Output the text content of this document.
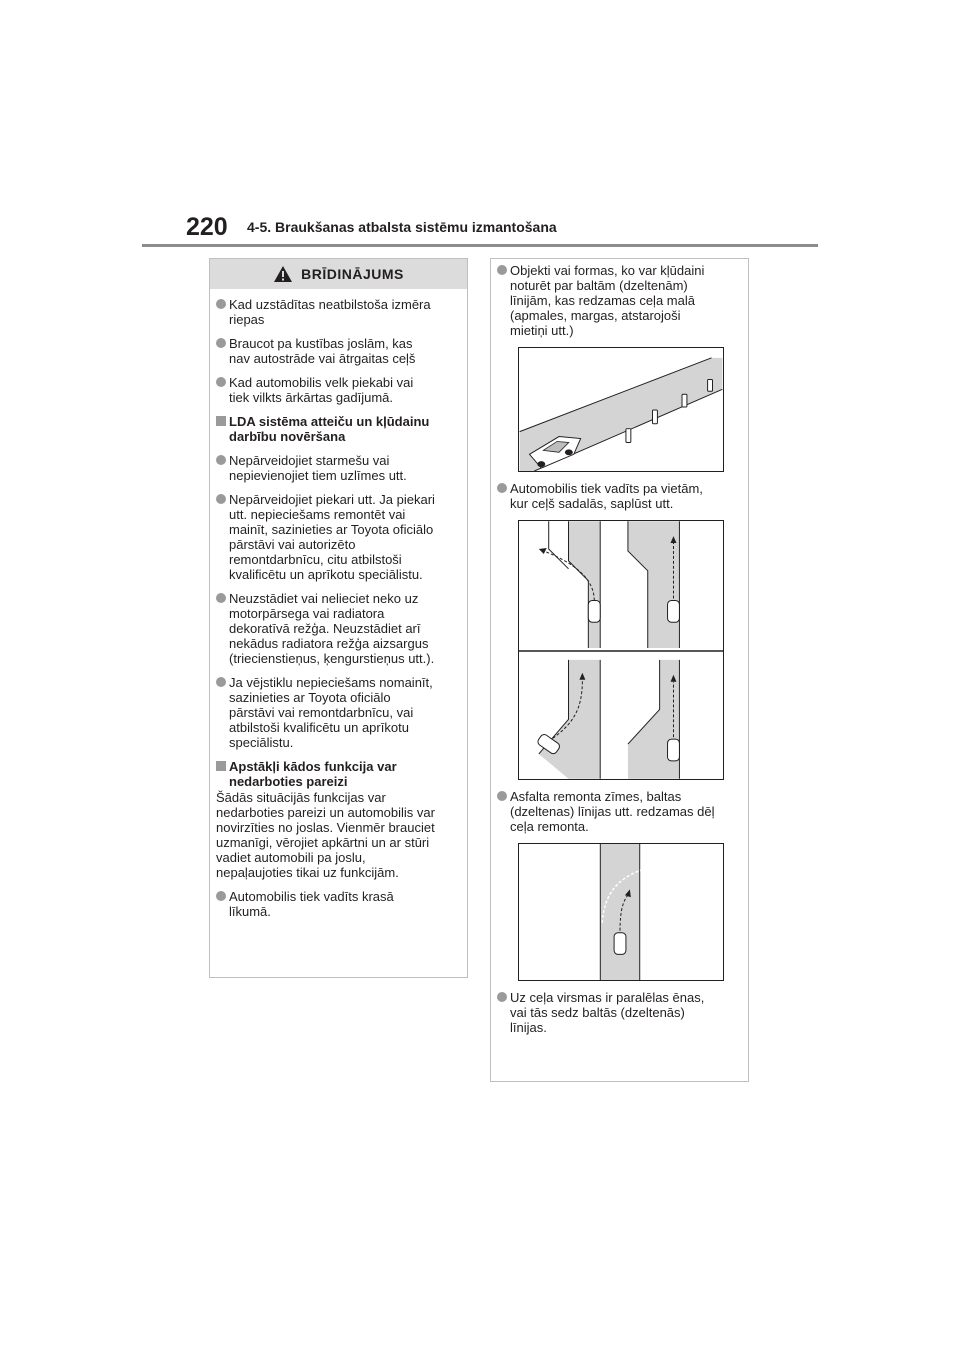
220 4-5. Braukšanas atbalsta sistēmu izmantošana
BRĪDINĀJUMS
Kad uzstādītas neatbilstoša izmēra
riepas
Braucot pa kustības joslām, kas
nav autostrāde vai ātrgaitas ceļš
Kad automobilis velk piekabi vai
tiek vilkts ārkārtas gadījumā.
LDA sistēma atteiču un kļūdainu
darbību novēršana
Nepārveidojiet starmešu vai
nepievienojiet tiem uzlīmes utt.
Nepārveidojiet piekari utt. Ja piekari
utt. nepieciešams remontēt vai
mainīt, sazinieties ar Toyota oficiālo
pārstāvi vai autorizēto
remontdarbnīcu, citu atbilstoši
kvalificētu un aprīkotu speciālistu.
Neuzstādiet vai nelieciet neko uz
motorpārsega vai radiatora
dekoratīvā režģa. Neuzstādiet arī
nekādus radiatora režģa aizsargus
(triecienstieņus, ķengurstieņus utt.).
Ja vējstiklu nepieciešams nomainīt,
sazinieties ar Toyota oficiālo
pārstāvi vai remontdarbnīcu, vai
atbilstoši kvalificētu un aprīkotu
speciālistu.
Apstākļi kādos funkcija var
nedarboties pareizi
Šādās situācijās funkcijas var
nedarboties pareizi un automobilis var
novirzīties no joslas. Vienmēr brauciet
uzmanīgi, vērojiet apkārtni un ar stūri
vadiet automobili pa joslu,
nepaļaujoties tikai uz funkcijām.
Automobilis tiek vadīts krasā
līkumā.
Objekti vai formas, ko var kļūdaini
noturēt par baltām (dzeltenām)
līnijām, kas redzamas ceļa malā
(apmales, margas, atstarojoši
mietiņi utt.)
Automobilis tiek vadīts pa vietām,
kur ceļš sadalās, saplūst utt.
Asfalta remonta zīmes, baltas
(dzeltenas) līnijas utt. redzamas dēļ
ceļa remonta.
Uz ceļa virsmas ir paralēlas ēnas,
vai tās sedz baltās (dzeltenās)
līnijas.
